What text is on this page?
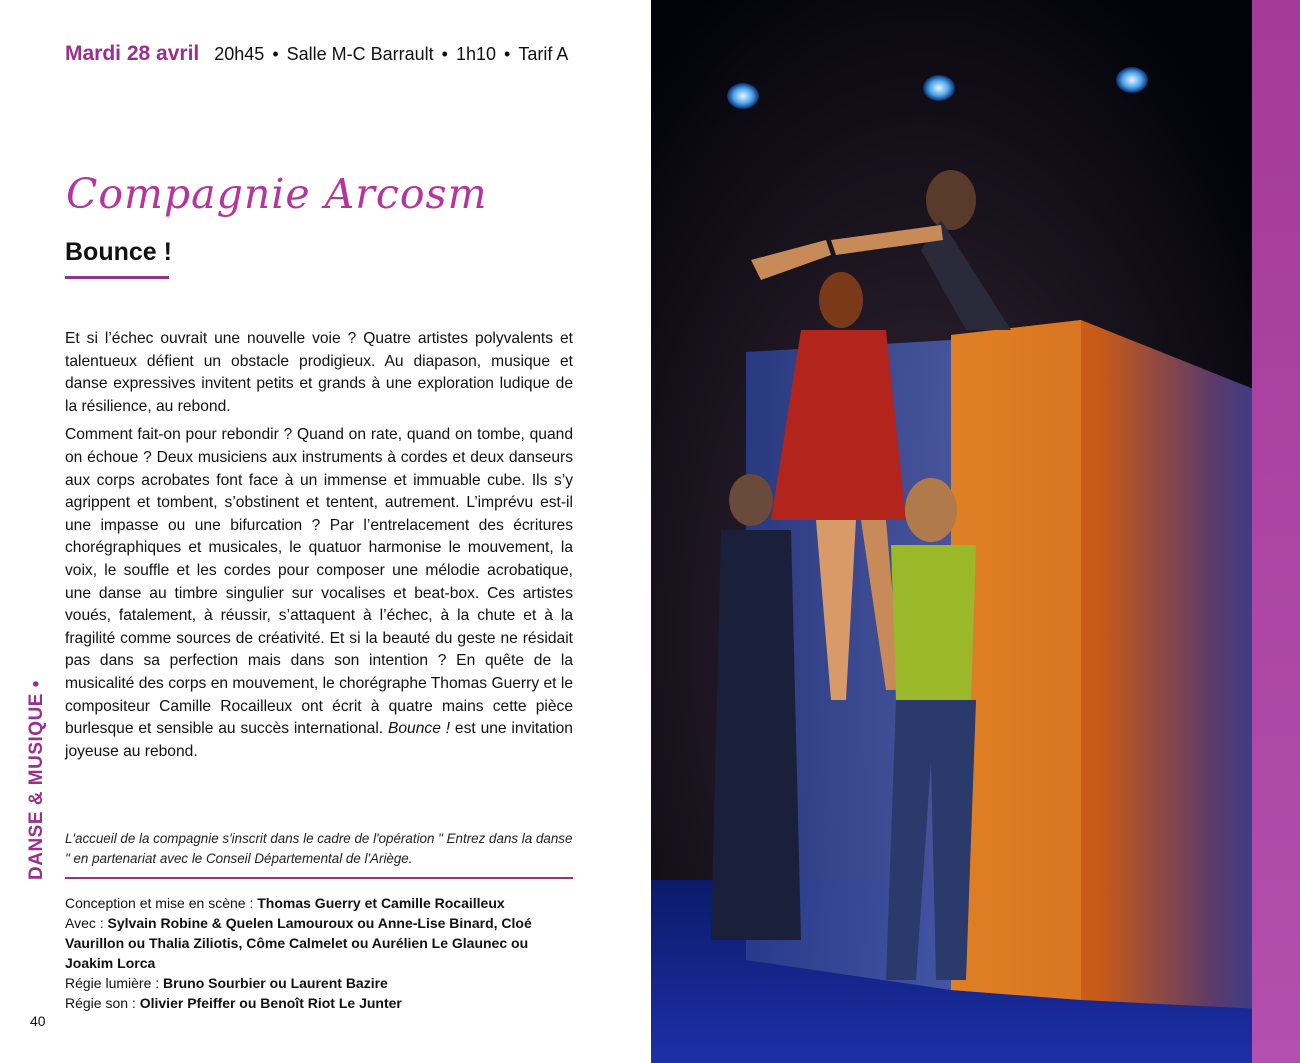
Mardi 28 avril 20h45 • Salle M-C Barrault • 1h10 • Tarif A
Compagnie Arcosm
Bounce !

Et si l’échec ouvrait une nouvelle voie ? Quatre artistes polyvalents et talentueux défient un obstacle prodigieux. Au diapason, musique et danse expressives invitent petits et grands à une exploration ludique de la résilience, au rebond.

Comment fait-on pour rebondir ? Quand on rate, quand on tombe, quand on échoue ? Deux musiciens aux instruments à cordes et deux danseurs aux corps acrobates font face à un immense et immuable cube. Ils s’y agrippent et tombent, s’obstinent et tentent, autrement. L’imprévu est-il une impasse ou une bifurcation ? Par l’entrelacement des écritures chorégraphiques et musicales, le quatuor harmonise le mouvement, la voix, le souffle et les cordes pour composer une mélodie acrobatique, une danse au timbre singulier sur vocalises et beat-box. Ces artistes voués, fatalement, à réussir, s’attaquent à l’échec, à la chute et à la fragilité comme sources de créativité. Et si la beauté du geste ne résidait pas dans sa perfection mais dans son intention ? En quête de la musicalité des corps en mouvement, le chorégraphe Thomas Guerry et le compositeur Camille Rocailleux ont écrit à quatre mains cette pièce burlesque et sensible au succès international. Bounce ! est une invitation joyeuse au rebond.

L'accueil de la compagnie s'inscrit dans le cadre de l'opération " Entrez dans la danse " en partenariat avec le Conseil Départemental de l'Ariège.
Conception et mise en scène : Thomas Guerry et Camille Rocailleux
Avec : Sylvain Robine & Quelen Lamouroux ou Anne-Lise Binard, Cloé Vaurillon ou Thalia Ziliotis, Côme Calmelet ou Aurélien Le Glaunec ou Joakim Lorca
Régie lumière : Bruno Sourbier ou Laurent Bazire
Régie son : Olivier Pfeiffer ou Benoît Riot Le Junter
DANSE & MUSIQUE •
40
